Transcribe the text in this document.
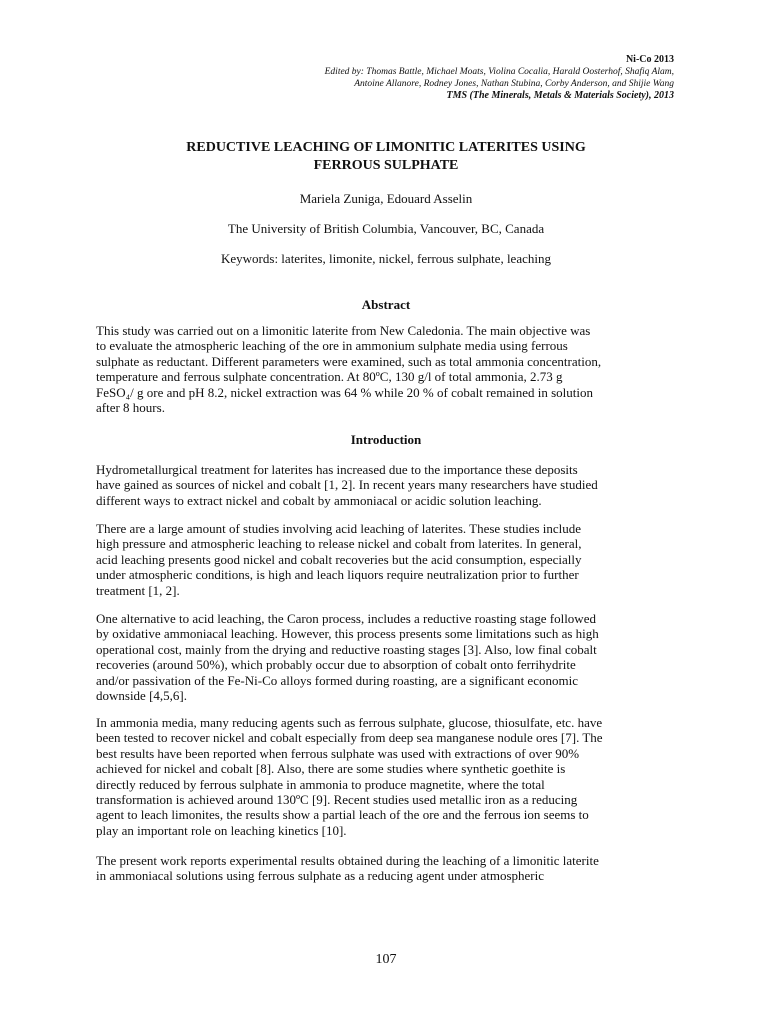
Ni-Co 2013
Edited by: Thomas Battle, Michael Moats, Violina Cocalia, Harald Oosterhof, Shafiq Alam,
Antoine Allanore, Rodney Jones, Nathan Stubina, Corby Anderson, and Shijie Wang
TMS (The Minerals, Metals & Materials Society), 2013
REDUCTIVE LEACHING OF LIMONITIC LATERITES USING
FERROUS SULPHATE
Mariela Zuniga, Edouard Asselin
The University of British Columbia, Vancouver, BC, Canada
Keywords: laterites, limonite, nickel, ferrous sulphate, leaching
Abstract
This study was carried out on a limonitic laterite from New Caledonia. The main objective was
to evaluate the atmospheric leaching of the ore in ammonium sulphate media using ferrous
sulphate as reductant. Different parameters were examined, such as total ammonia concentration,
temperature and ferrous sulphate concentration. At 80ºC, 130 g/l of total ammonia, 2.73 g
FeSO₄/ g ore and pH 8.2, nickel extraction was 64 % while 20 % of cobalt remained in solution
after 8 hours.
Introduction
Hydrometallurgical treatment for laterites has increased due to the importance these deposits
have gained as sources of nickel and cobalt [1, 2]. In recent years many researchers have studied
different ways to extract nickel and cobalt by ammoniacal or acidic solution leaching.
There are a large amount of studies involving acid leaching of laterites. These studies include
high pressure and atmospheric leaching to release nickel and cobalt from laterites. In general,
acid leaching presents good nickel and cobalt recoveries but the acid consumption, especially
under atmospheric conditions, is high and leach liquors require neutralization prior to further
treatment [1, 2].
One alternative to acid leaching, the Caron process, includes a reductive roasting stage followed
by oxidative ammoniacal leaching. However, this process presents some limitations such as high
operational cost, mainly from the drying and reductive roasting stages [3]. Also, low final cobalt
recoveries (around 50%), which probably occur due to absorption of cobalt onto ferrihydrite
and/or passivation of the Fe-Ni-Co alloys formed during roasting, are a significant economic
downside [4,5,6].
In ammonia media, many reducing agents such as ferrous sulphate, glucose, thiosulfate, etc. have
been tested to recover nickel and cobalt especially from deep sea manganese nodule ores [7]. The
best results have been reported when ferrous sulphate was used with extractions of over 90%
achieved for nickel and cobalt [8]. Also, there are some studies where synthetic goethite is
directly reduced by ferrous sulphate in ammonia to produce magnetite, where the total
transformation is achieved around 130ºC [9]. Recent studies used metallic iron as a reducing
agent to leach limonites, the results show a partial leach of the ore and the ferrous ion seems to
play an important role on leaching kinetics [10].
The present work reports experimental results obtained during the leaching of a limonitic laterite
in ammoniacal solutions using ferrous sulphate as a reducing agent under atmospheric
107
